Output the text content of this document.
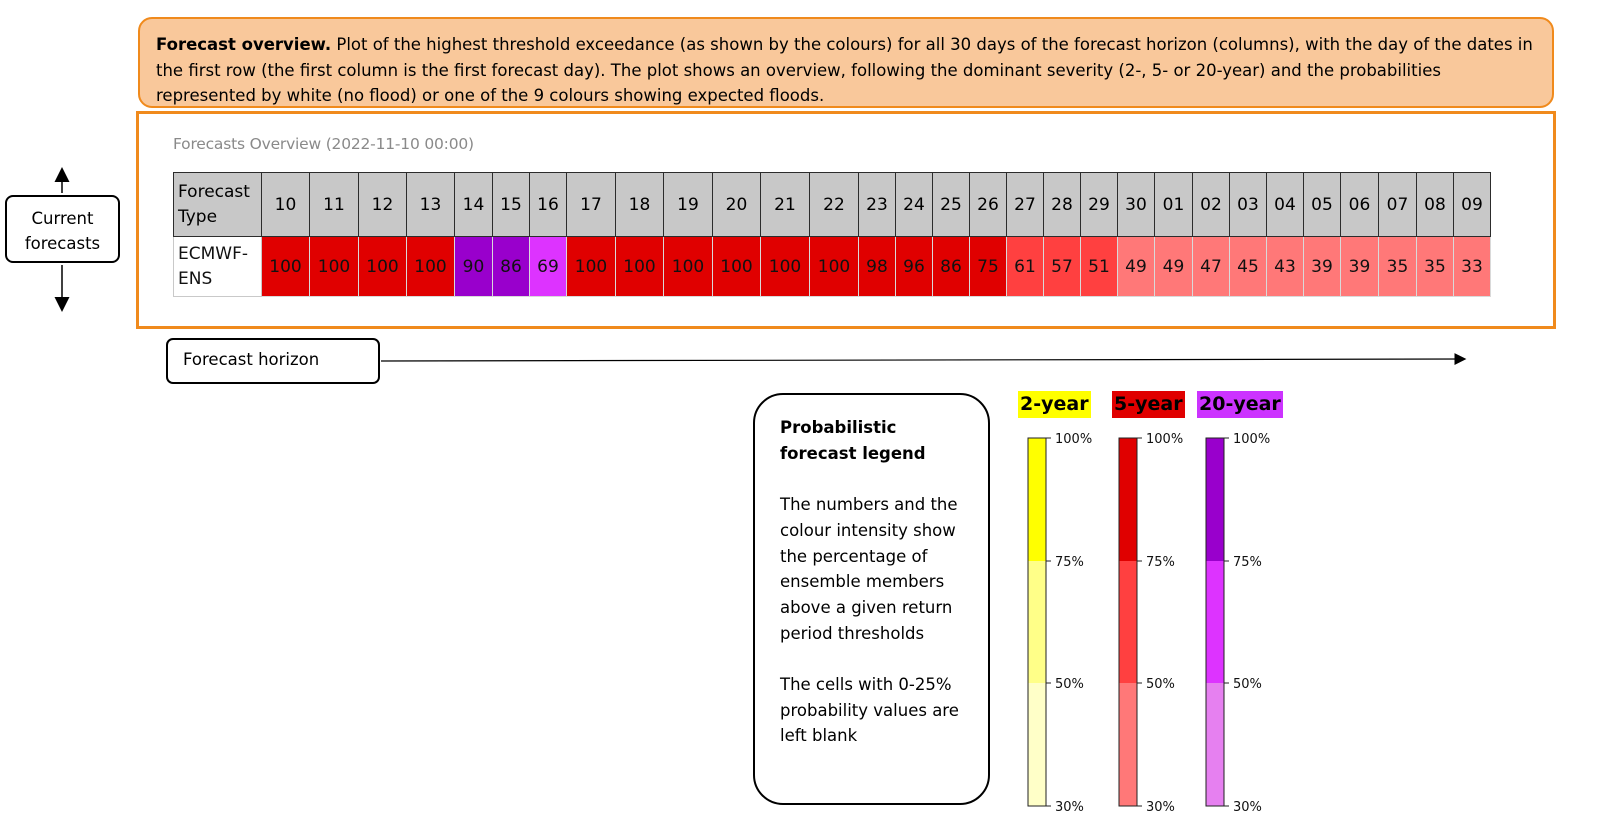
Forecast overview. Plot of the highest threshold exceedance (as shown by the colours) for all 30 days of the forecast horizon (columns), with the day of the dates in the first row (the first column is the first forecast day). The plot shows an overview, following the dominant severity (2-, 5- or 20-year) and the probabilities represented by white (no flood) or one of the 9 colours showing expected floods.
Forecasts Overview (2022-11-10 00:00)
Forecast Type	10	11	12	13	14	15	16	17	18	19	20	21	22	23	24	25	26	27	28	29	30	01	02	03	04	05	06	07	08	09
ECMWF-ENS	100	100	100	100	90	86	69	100	100	100	100	100	100	98	96	86	75	61	57	51	49	49	47	45	43	39	39	35	35	33
Current forecasts
Forecast horizon
Probabilistic forecast legend
The numbers and the colour intensity show the percentage of ensemble members above a given return period thresholds
The cells with 0-25% probability values are left blank
2-year 5-year 20-year
100%
75%
50%
30%
100%
75%
50%
30%
100%
75%
50%
30%
